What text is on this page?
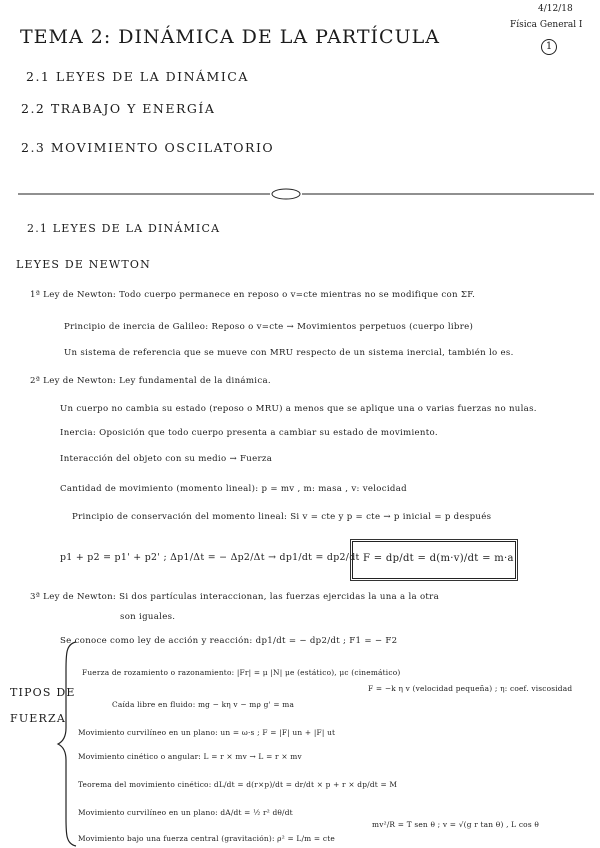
4/12/18
Física General I
1
TEMA 2: DINÁMICA DE LA PARTÍCULA
2.1 LEYES DE LA DINÁMICA
2.2 TRABAJO Y ENERGÍA
2.3 MOVIMIENTO OSCILATORIO
2.1 LEYES DE LA DINÁMICA
LEYES DE NEWTON
1ª Ley de Newton: Todo cuerpo permanece en reposo o v=cte mientras no se modifique con ΣF.
Principio de inercia de Galileo: Reposo o v=cte → Movimientos perpetuos (cuerpo libre)
Un sistema de referencia que se mueve con MRU respecto de un sistema inercial, también lo es.
2ª Ley de Newton: Ley fundamental de la dinámica.
Un cuerpo no cambia su estado (reposo o MRU) a menos que se aplique una o varias fuerzas no nulas.
Inercia: Oposición que todo cuerpo presenta a cambiar su estado de movimiento.
Interacción del objeto con su medio → Fuerza
Cantidad de movimiento (momento lineal): p = mv , m: masa , v: velocidad
Principio de conservación del momento lineal: Si v = cte y p = cte → p inicial = p después
p1 + p2 = p1' + p2' ; Δp1/Δt = − Δp2/Δt → dp1/dt = dp2/dt F = dp/dt = d(m·v)/dt = m·a
3ª Ley de Newton: Si dos partículas interaccionan, las fuerzas ejercidas la una a la otra
son iguales.
Se conoce como ley de acción y reacción: dp1/dt = − dp2/dt ; F1 = − F2
TIPOS DE
FUERZA
Fuerza de rozamiento o razonamiento: |Fr| = μ |N| μe (estático), μc (cinemático)
Caída libre en fluido: mg − kη v − mρ g' = ma
Movimiento curvilíneo en un plano: un = ω·s ; F = |F| un + |F| ut
Movimiento cinético o angular: L = r × mv → L = r × mv
Teorema del movimiento cinético: dL/dt = d(r×p)/dt = dr/dt × p + r × dp/dt = M
Movimiento curvilíneo en un plano: dA/dt = ½ r² dθ/dt
Movimiento bajo una fuerza central (gravitación): ρ² = L/m = cte
F = −k η v (velocidad pequeña) ; η: coef. viscosidad
mv²/R = T sen θ ; v = √(g r tan θ) , L cos θ
